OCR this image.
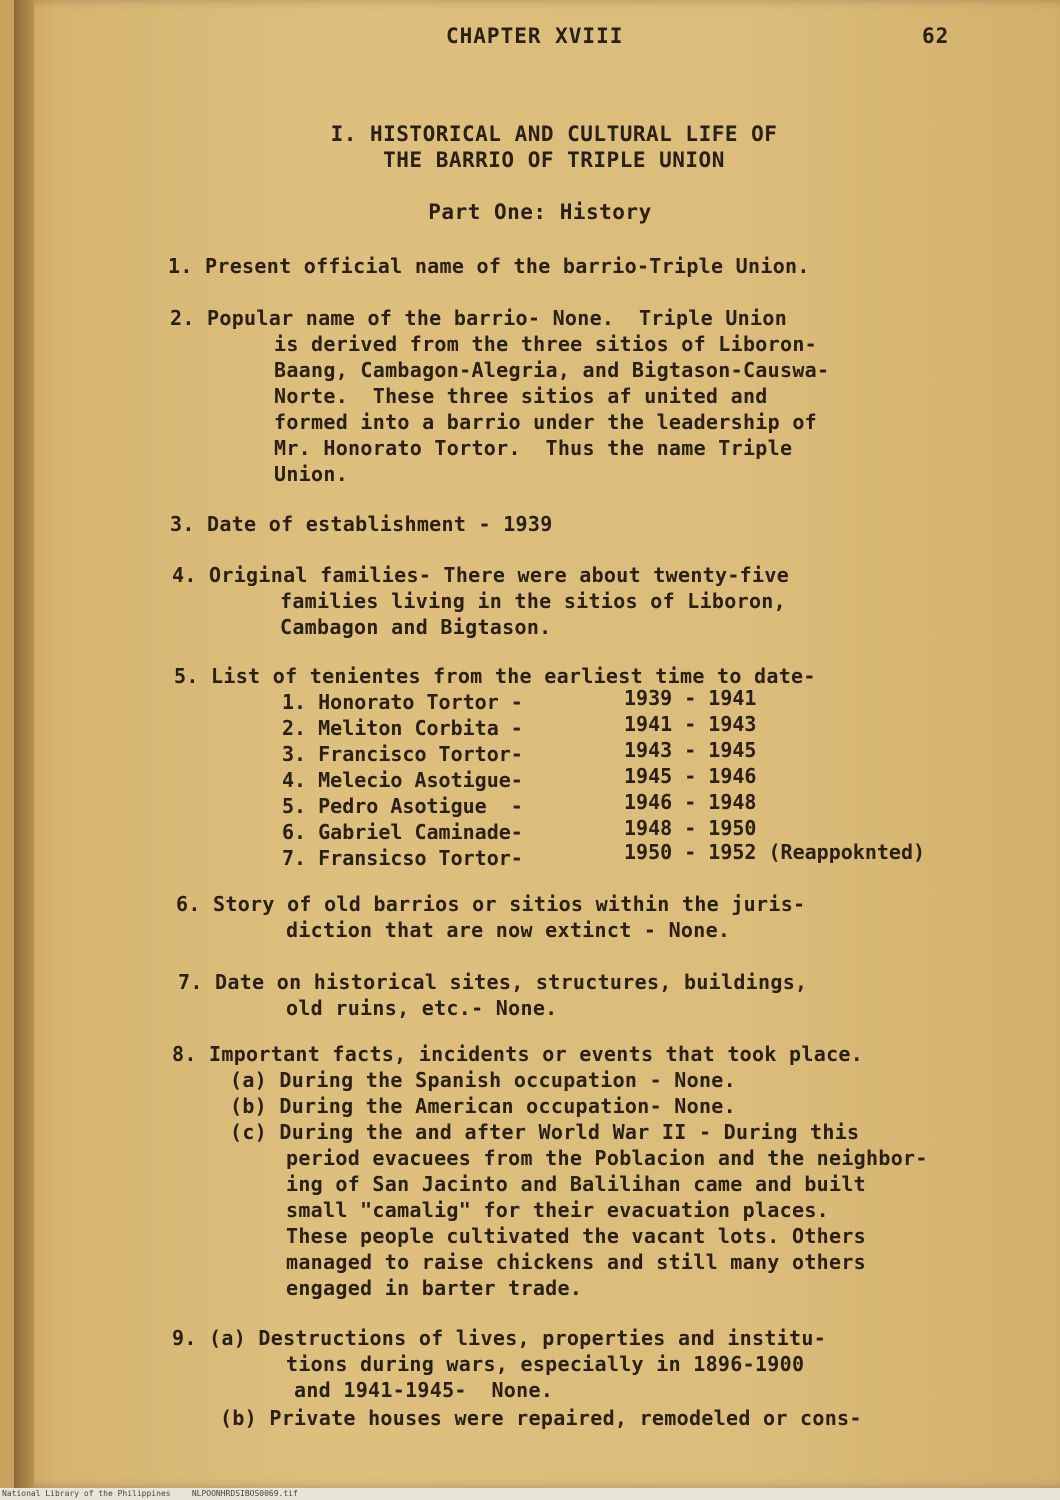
CHAPTER XVIII	62
I. HISTORICAL AND CULTURAL LIFE OF
THE BARRIO OF TRIPLE UNION
Part One: History
1. Present official name of the barrio-Triple Union.
2. Popular name of the barrio- None.  Triple Union
is derived from the three sitios of Liboron-
Baang, Cambagon-Alegria, and Bigtason-Causwa-
Norte.  These three sitios af united and
formed into a barrio under the leadership of
Mr. Honorato Tortor.  Thus the name Triple
Union.
3. Date of establishment - 1939
4. Original families- There were about twenty-five
families living in the sitios of Liboron,
Cambagon and Bigtason.
5. List of tenientes from the earliest time to date-
1. Honorato Tortor -	1939 - 1941
2. Meliton Corbita -	1941 - 1943
3. Francisco Tortor-	1943 - 1945
4. Melecio Asotigue-	1945 - 1946
5. Pedro Asotigue  -	1946 - 1948
6. Gabriel Caminade-	1948 - 1950
7. Fransicso Tortor-	1950 - 1952 (Reappoknted)
6. Story of old barrios or sitios within the juris-
diction that are now extinct - None.
7. Date on historical sites, structures, buildings,
old ruins, etc.- None.
8. Important facts, incidents or events that took place.
(a) During the Spanish occupation - None.
(b) During the American occupation- None.
(c) During the and after World War II - During this
period evacuees from the Poblacion and the neighbor-
ing of San Jacinto and Balilihan came and built
small "camalig" for their evacuation places.
These people cultivated the vacant lots. Others
managed to raise chickens and still many others
engaged in barter trade.
9. (a) Destructions of lives, properties and institu-
tions during wars, especially in 1896-1900
and 1941-1945-  None.
(b) Private houses were repaired, remodeled or cons-
National Library of the Philippines	NLPOONHRDSIBOS0069.tif
